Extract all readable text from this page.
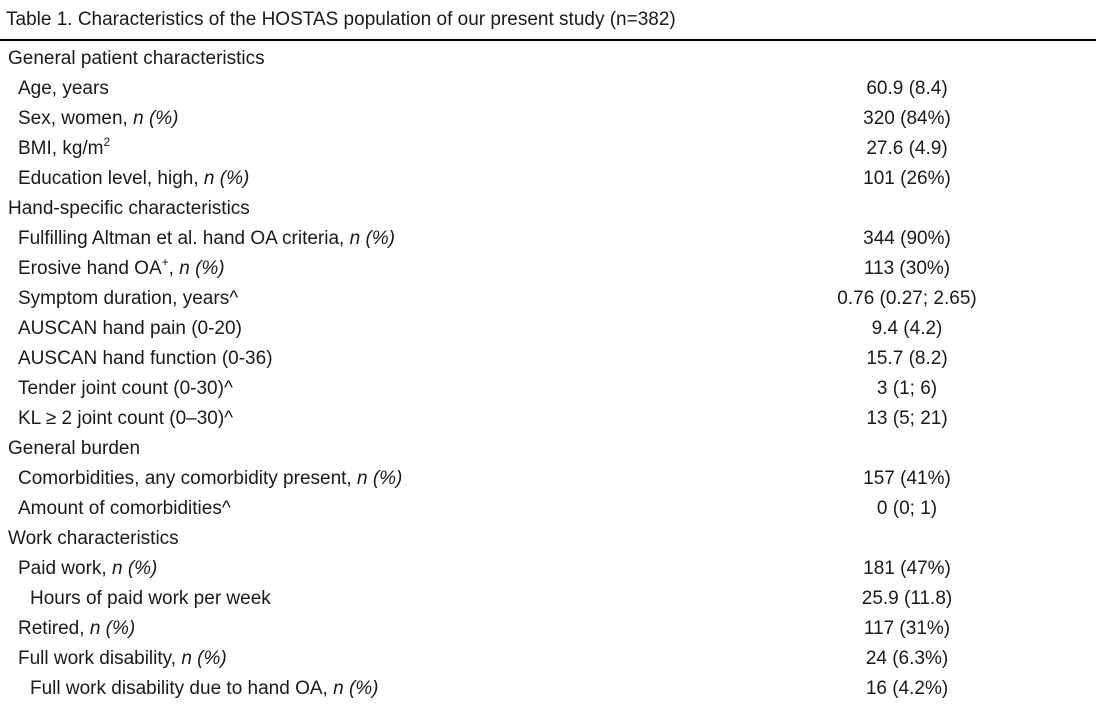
Table 1. Characteristics of the HOSTAS population of our present study (n=382)
General patient characteristics
Age, years	60.9 (8.4)
Sex, women, n (%)	320 (84%)
BMI, $kg/m^2$	27.6 (4.9)
Education level, high, n (%)	101 (26%)
Hand-specific characteristics
Fulfilling Altman et al. hand OA criteria, n (%)	344 (90%)
Erosive hand OA+, n (%)	113 (30%)
Symptom duration, years^	0.76 (0.27; 2.65)
AUSCAN hand pain (0-20)	9.4 (4.2)
AUSCAN hand function (0-36)	15.7 (8.2)
Tender joint count (0-30)^	3 (1; 6)
KL ≥ 2 joint count (0–30)^	13 (5; 21)
General burden
Comorbidities, any comorbidity present, n (%)	157 (41%)
Amount of comorbidities^	0 (0; 1)
Work characteristics
Paid work, n (%)	181 (47%)
Hours of paid work per week	25.9 (11.8)
Retired, n (%)	117 (31%)
Full work disability, n (%)	24 (6.3%)
Full work disability due to hand OA, n (%)	16 (4.2%)
